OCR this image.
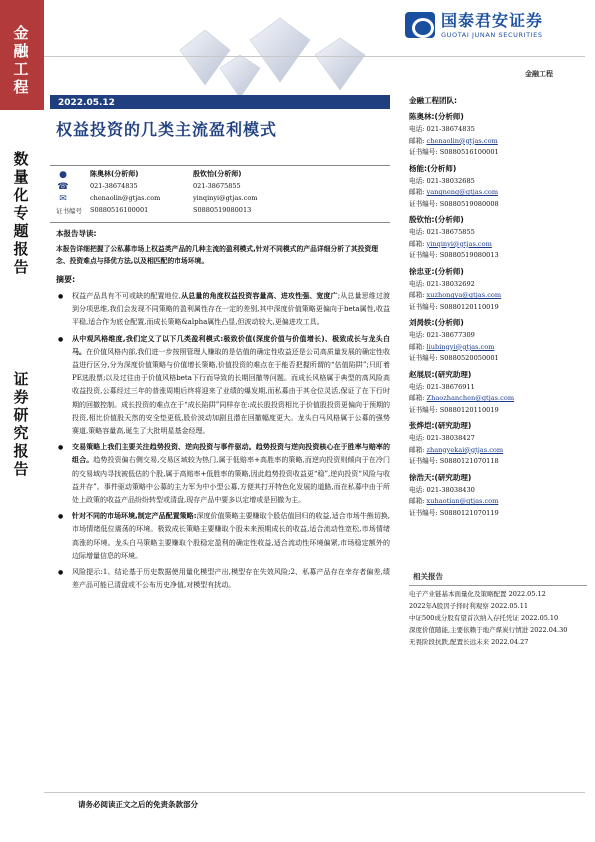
金融工程
数量化专题报告
证券研究报告
国泰君安证券
GUOTAI JUNAN SECURITIES
金融工程
2022.05.12
权益投资的几类主流盈利模式
●
☎
✉
证书编号
陈奥林(分析师)
021-38674835
chenaolin@gtjas.com
S0880516100001
殷钦怡(分析师)
021-38675855
yinqinyi@gtjas.com
S0880519080013
本报告导读:
本报告详细把握了公私募市场上权益类产品的几种主流的盈利模式,针对不同模式的产品详细分析了其投资理念、投资难点与择优方法,以及相匹配的市场环境。
摘要:
● 权益产品具有不可或缺的配置地位,从总量的角度权益投资容量高、进攻性强、宽度广;从总量思维过渡到分项思维,我们会发现不同策略的盈利属性存在一定的差别,其中深度价值策略更偏向于beta属性,收益平稳,适合作为底仓配置,而成长策略&alpha属性凸显,但波动较大,更偏进攻工具。
● 从中观风格维度,我们定义了以下几类盈利模式:极致价值(深度价值与价值增长)、极致成长与龙头白马。在价值风格内部,我们进一步按照管理人赚取的是估值的确定性收益还是公司高质量发展的确定性收益进行区分,分为深度价值策略与价值增长策略,价值投资的难点在于能否把握所谓的“估值陷阱”;只盯着PE选股票;以及过往由于价值风格beta下行而导致的长期回撤等问题。而成长风格属于典型的高风险高收益投资,公募经过三年的普涨周期后终将迎来了业绩的爆发期,而私募由于其仓位灵活,保证了在下行时期的回撤控制。成长投资的难点在于“成长陷阱”同样存在:成长股投资相比于价值股投资更偏向于预期的投资,相比价值股天然的安全垫更低,股价波动加剧且潜在回撤幅度更大。龙头白马风格属于公募的强势赛道,策略容量高,诞生了大批明星基金经理。
● 交易策略上我们主要关注趋势投资、逆向投资与事件驱动。趋势投资与逆向投资核心在于胜率与赔率的组合。趋势投资偏右侧交易,交易区域较为热门,属于低赔率+高胜率的策略,而逆向投资则倾向于在冷门的交易域内寻找被低估的个股,属于高赔率+低胜率的策略,因此趋势投资收益更“稳”,逆向投资“风险与收益并存”。事件驱动策略中公募的主力军为中小型公募,方便其打开特色化发展的道路,而在私募中由于所处上政策的收益产品纷纷转型或清盘,现存产品中要多以定增或是回撤为主。
● 针对不同的市场环境,制定产品配置策略:深度价值策略主要赚取个股估值回归的收益,适合市场牛熊切换,市场情绪低位震荡的环境。极致成长策略主要赚取个股未来预期成长的收益,适合流动性宽松,市场情绪高涨的环境。龙头白马策略主要赚取个股稳定盈利的确定性收益,适合流动性环境偏紧,市场稳定额外的边际增量信息的环境。
● 风险提示:1、结论基于历史数据使用量化模型产出,模型存在失效风险;2、私募产品存在幸存者偏差,绩差产品可能已清盘或不公布历史净值,对模型有扰动。
金融工程团队:
陈奥林:(分析师)
电话: 021-38674835
邮箱: chenaolin@gtjas.com
证书编号: S0880516100001
杨能:(分析师)
电话: 021-38032685
邮箱: yangneng@gtjas.com
证书编号: S0880519080008
殷钦怡:(分析师)
电话: 021-38675855
邮箱: yinqinyi@gtjas.com
证书编号: S0880519080013
徐忠亚:(分析师)
电话: 021-38032692
邮箱: xuzhongya@gtjas.com
证书编号: S0880120110019
刘昺轶:(分析师)
电话: 021-38677309
邮箱: liubingyi@gtjas.com
证书编号: S0880520050001
赵展辰:(研究助理)
电话: 021-38676911
邮箱: Zhaozhanchen@gtjas.com
证书编号: S0880120110019
张烨垲:(研究助理)
电话: 021-38038427
邮箱: zhangyekai@gtjas.com
证书编号: S0880121070118
徐浩天:(研究助理)
电话: 021-38038430
邮箱: xuhaotian@gtjas.com
证书编号: S0880121070119
相关报告
电子产业链基本面量化及策略配置 2022.05.12
2022年A股因子择时利观察 2022.05.11
中证500成分股有望首次纳入存托凭证 2022.05.10
深度价值随能,主要依赖于地产煤炭行情进 2022.04.30
无畏阶段抗跌,配置长远未来 2022.04.27
请务必阅读正文之后的免责条款部分
